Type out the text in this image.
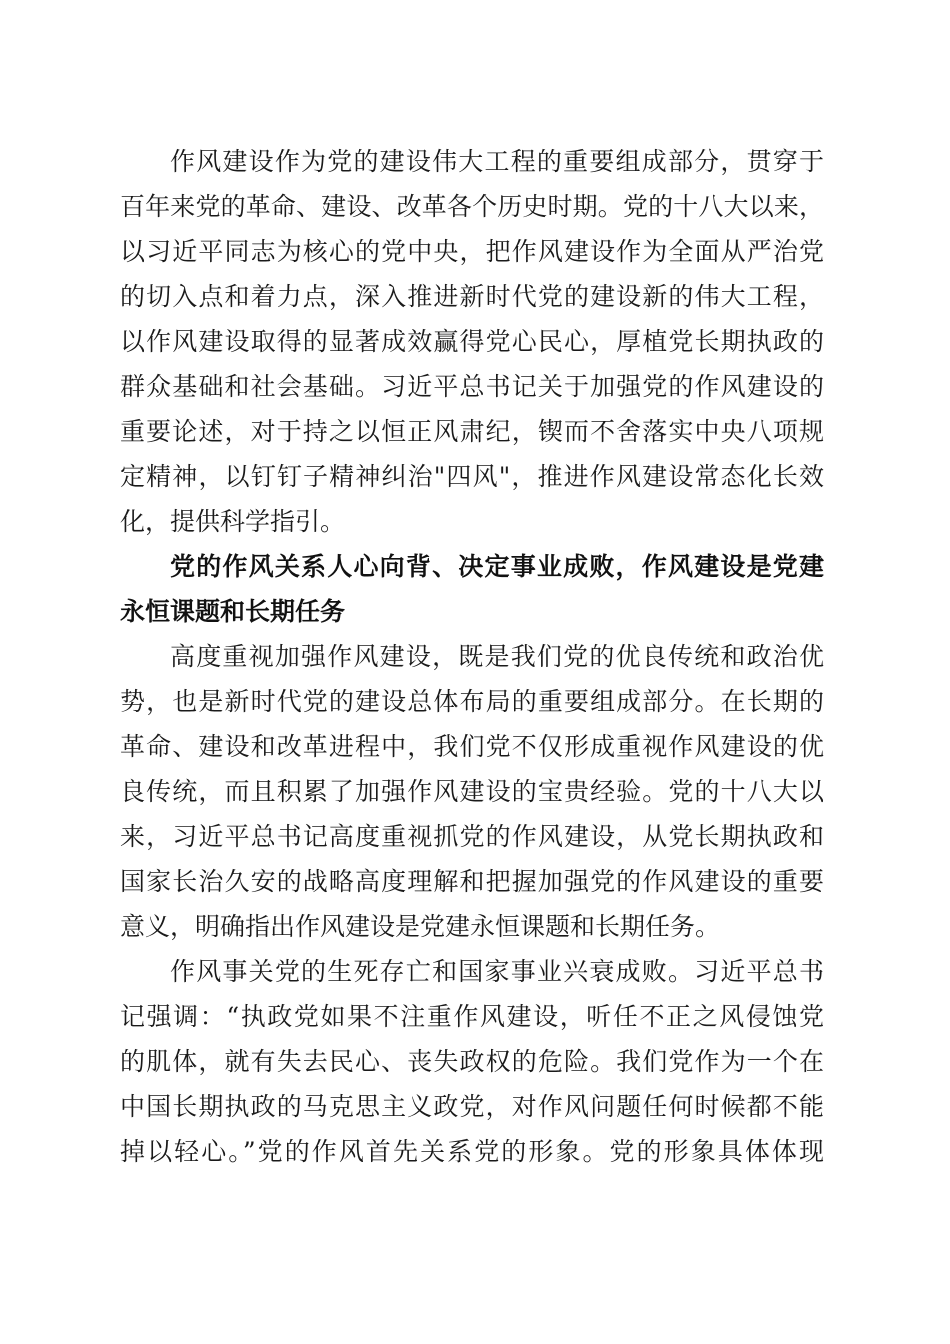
作风建设作为党的建设伟大工程的重要组成部分，贯穿于
百年来党的革命、建设、改革各个历史时期。党的十八大以来，
以习近平同志为核心的党中央，把作风建设作为全面从严治党
的切入点和着力点，深入推进新时代党的建设新的伟大工程，
以作风建设取得的显著成效赢得党心民心，厚植党长期执政的
群众基础和社会基础。习近平总书记关于加强党的作风建设的
重要论述，对于持之以恒正风肃纪，锲而不舍落实中央八项规
定精神，以钉钉子精神纠治"四风"，推进作风建设常态化长效
化，提供科学指引。
党的作风关系人心向背、决定事业成败，作风建设是党建
永恒课题和长期任务
高度重视加强作风建设，既是我们党的优良传统和政治优
势，也是新时代党的建设总体布局的重要组成部分。在长期的
革命、建设和改革进程中，我们党不仅形成重视作风建设的优
良传统，而且积累了加强作风建设的宝贵经验。党的十八大以
来，习近平总书记高度重视抓党的作风建设，从党长期执政和
国家长治久安的战略高度理解和把握加强党的作风建设的重要
意义，明确指出作风建设是党建永恒课题和长期任务。
作风事关党的生死存亡和国家事业兴衰成败。习近平总书
记强调：“执政党如果不注重作风建设，听任不正之风侵蚀党
的肌体，就有失去民心、丧失政权的危险。我们党作为一个在
中国长期执政的马克思主义政党，对作风问题任何时候都不能
掉以轻心。”党的作风首先关系党的形象。党的形象具体体现
